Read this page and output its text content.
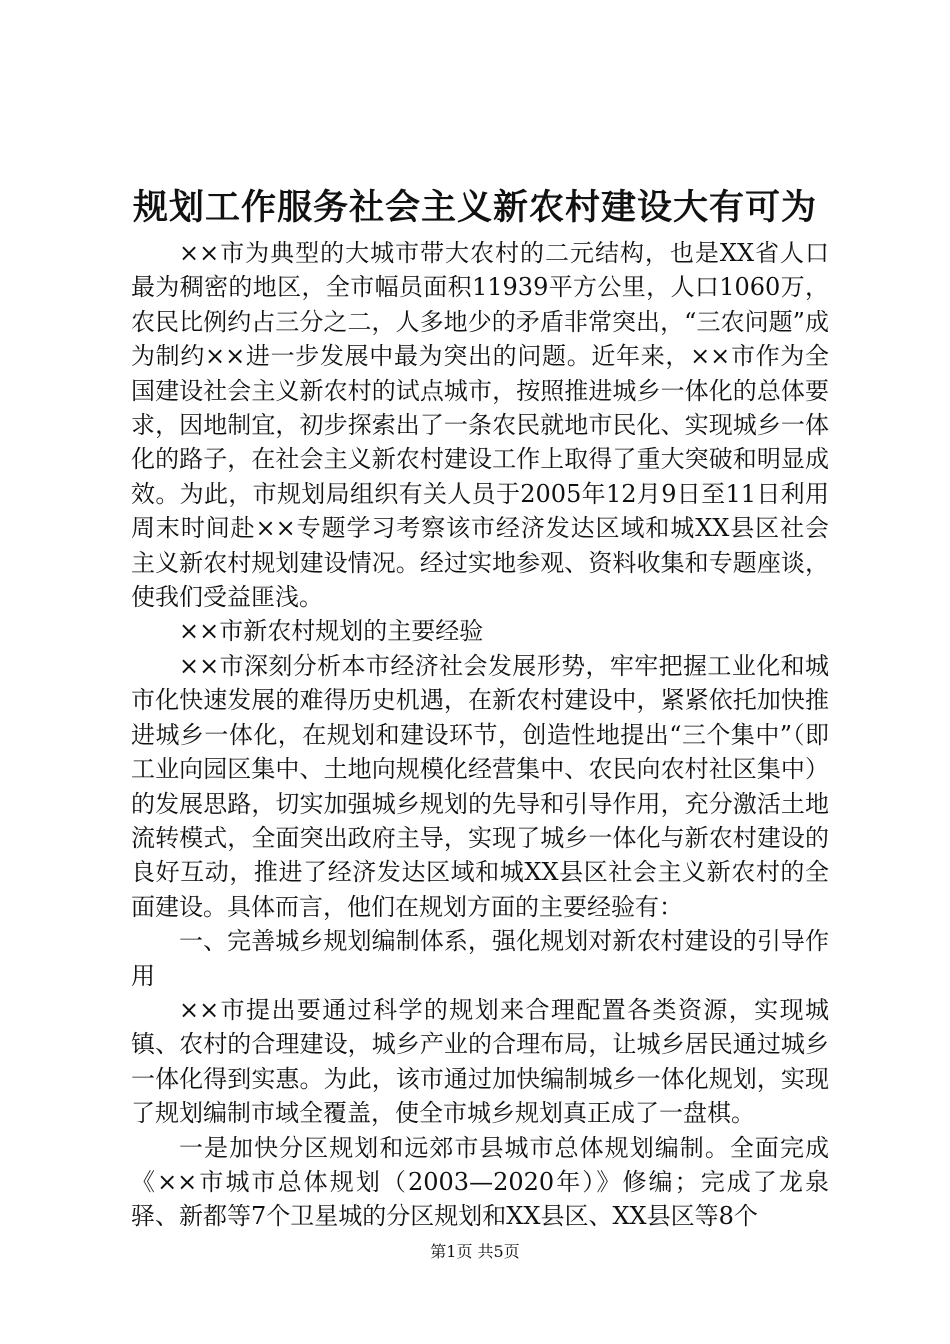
规划工作服务社会主义新农村建设大有可为

××市为典型的大城市带大农村的二元结构，也是XX省人口最为稠密的地区，全市幅员面积11939平方公里，人口1060万，农民比例约占三分之二，人多地少的矛盾非常突出，“三农问题”成为制约××进一步发展中最为突出的问题。近年来，××市作为全国建设社会主义新农村的试点城市，按照推进城乡一体化的总体要求，因地制宜，初步探索出了一条农民就地市民化、实现城乡一体化的路子，在社会主义新农村建设工作上取得了重大突破和明显成效。为此，市规划局组织有关人员于2005年12月9日至11日利用周末时间赴××专题学习考察该市经济发达区域和城XX县区社会主义新农村规划建设情况。经过实地参观、资料收集和专题座谈，使我们受益匪浅。

××市新农村规划的主要经验

××市深刻分析本市经济社会发展形势，牢牢把握工业化和城市化快速发展的难得历史机遇，在新农村建设中，紧紧依托加快推进城乡一体化，在规划和建设环节，创造性地提出“三个集中”（即工业向园区集中、土地向规模化经营集中、农民向农村社区集中）的发展思路，切实加强城乡规划的先导和引导作用，充分激活土地流转模式，全面突出政府主导，实现了城乡一体化与新农村建设的良好互动，推进了经济发达区域和城XX县区社会主义新农村的全面建设。具体而言，他们在规划方面的主要经验有：

一、完善城乡规划编制体系，强化规划对新农村建设的引导作用

××市提出要通过科学的规划来合理配置各类资源，实现城镇、农村的合理建设，城乡产业的合理布局，让城乡居民通过城乡一体化得到实惠。为此，该市通过加快编制城乡一体化规划，实现了规划编制市域全覆盖，使全市城乡规划真正成了一盘棋。

一是加快分区规划和远郊市县城市总体规划编制。全面完成《××市城市总体规划（2003—2020年）》修编；完成了龙泉驿、新都等7个卫星城的分区规划和XX县区、XX县区等8个

第1页 共5页
